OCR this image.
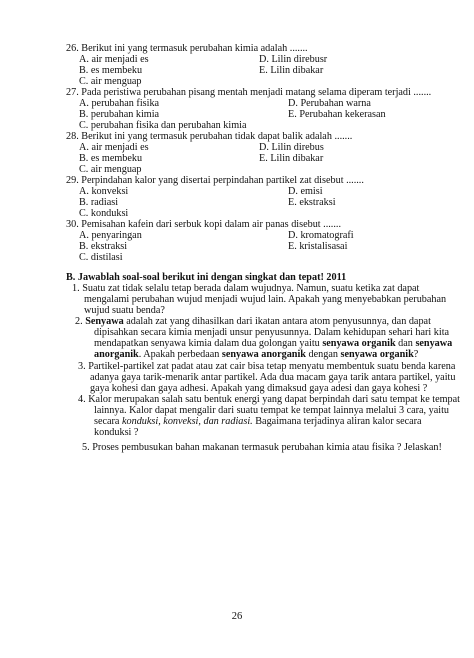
26. Berikut ini yang termasuk perubahan kimia adalah .......
A. air menjadi es	D. Lilin direbusr
B. es membeku	E. Lilin dibakar
C. air menguap
27. Pada peristiwa perubahan pisang mentah menjadi matang selama diperam terjadi .......
A. perubahan fisika	D. Perubahan warna
B. perubahan kimia	E. Perubahan kekerasan
C. perubahan fisika dan perubahan kimia
28. Berikut ini yang termasuk perubahan tidak dapat balik adalah .......
A. air menjadi es	D. Lilin direbus
B. es membeku	E. Lilin dibakar
C. air menguap
29. Perpindahan kalor yang disertai perpindahan partikel zat disebut .......
A. konveksi	D. emisi
B. radiasi	E. ekstraksi
C. konduksi
30. Pemisahan kafein dari serbuk kopi dalam air panas disebut .......
A. penyaringan	D. kromatografi
B. ekstraksi	E. kristalisasai
C. distilasi
B. Jawablah soal-soal berikut ini dengan singkat dan tepat! 2011
1. Suatu zat tidak selalu tetap berada dalam wujudnya. Namun, suatu ketika zat dapat
mengalami perubahan wujud menjadi wujud lain. Apakah yang menyebabkan perubahan
wujud suatu benda?
2. Senyawa adalah zat yang dihasilkan dari ikatan antara atom penyusunnya, dan dapat
dipisahkan secara kimia menjadi unsur penyusunnya. Dalam kehidupan sehari hari kita
mendapatkan senyawa kimia dalam dua golongan yaitu senyawa organik dan senyawa
anorganik. Apakah perbedaan senyawa anorganik dengan senyawa organik?
3. Partikel-partikel zat padat atau zat cair bisa tetap menyatu membentuk suatu benda karena
adanya gaya tarik-menarik antar partikel. Ada dua macam gaya tarik antara partikel, yaitu
gaya kohesi dan gaya adhesi. Apakah yang dimaksud gaya adesi dan gaya kohesi ?
4. Kalor merupakan salah satu bentuk energi yang dapat berpindah dari satu tempat ke tempat
lainnya. Kalor dapat mengalir dari suatu tempat ke tempat lainnya melalui 3 cara, yaitu
secara konduksi, konveksi, dan radiasi. Bagaimana terjadinya aliran kalor secara
konduksi ?
5. Proses pembusukan bahan makanan termasuk perubahan kimia atau fisika ? Jelaskan!
26
